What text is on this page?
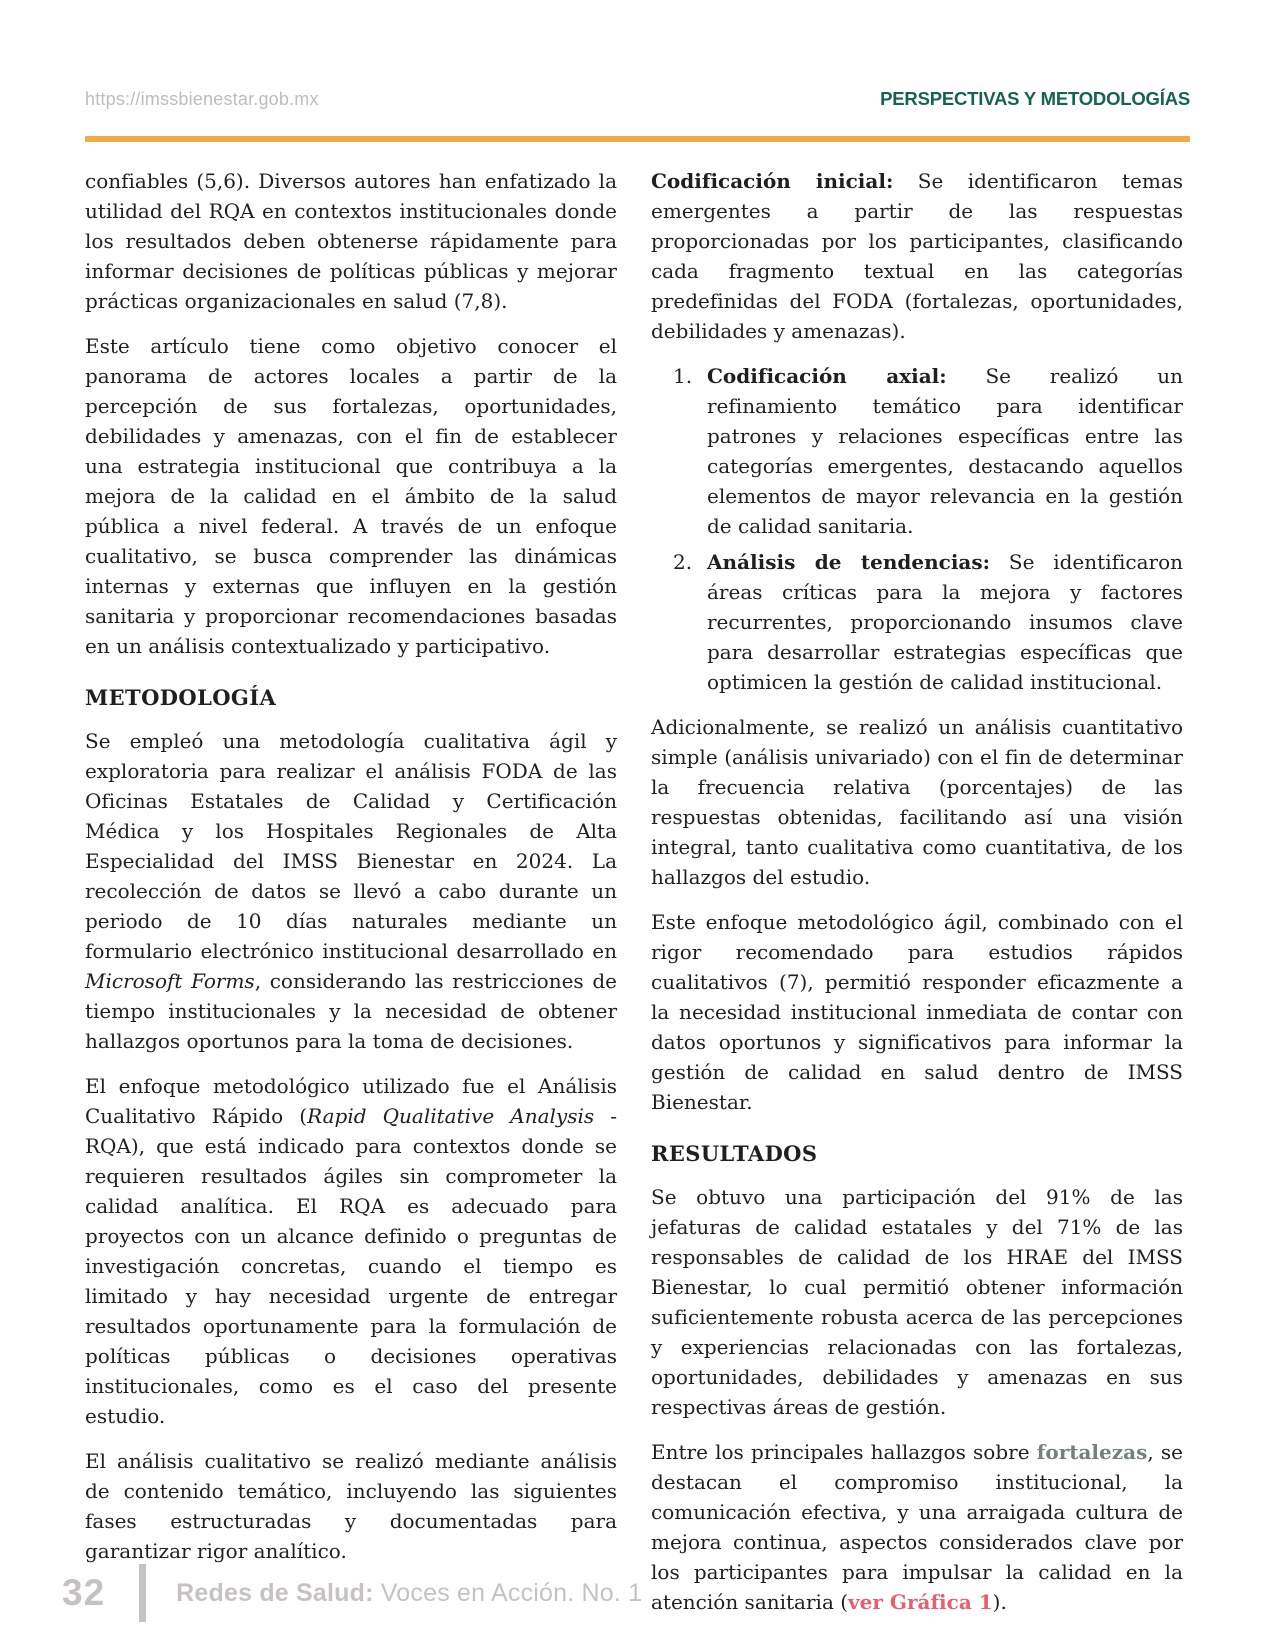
https://imssbienestar.gob.mx	PERSPECTIVAS Y METODOLOGÍAS

confiables (5,6). Diversos autores han enfatizado la utilidad del RQA en contextos institucionales donde los resultados deben obtenerse rápidamente para informar decisiones de políticas públicas y mejorar prácticas organizacionales en salud (7,8).

Este artículo tiene como objetivo conocer el panorama de actores locales a partir de la percepción de sus fortalezas, oportunidades, debilidades y amenazas, con el fin de establecer una estrategia institucional que contribuya a la mejora de la calidad en el ámbito de la salud pública a nivel federal. A través de un enfoque cualitativo, se busca comprender las dinámicas internas y externas que influyen en la gestión sanitaria y proporcionar recomendaciones basadas en un análisis contextualizado y participativo.

METODOLOGÍA

Se empleó una metodología cualitativa ágil y exploratoria para realizar el análisis FODA de las Oficinas Estatales de Calidad y Certificación Médica y los Hospitales Regionales de Alta Especialidad del IMSS Bienestar en 2024. La recolección de datos se llevó a cabo durante un periodo de 10 días naturales mediante un formulario electrónico institucional desarrollado en Microsoft Forms, considerando las restricciones de tiempo institucionales y la necesidad de obtener hallazgos oportunos para la toma de decisiones.

El enfoque metodológico utilizado fue el Análisis Cualitativo Rápido (Rapid Qualitative Analysis - RQA), que está indicado para contextos donde se requieren resultados ágiles sin comprometer la calidad analítica. El RQA es adecuado para proyectos con un alcance definido o preguntas de investigación concretas, cuando el tiempo es limitado y hay necesidad urgente de entregar resultados oportunamente para la formulación de políticas públicas o decisiones operativas institucionales, como es el caso del presente estudio.

El análisis cualitativo se realizó mediante análisis de contenido temático, incluyendo las siguientes fases estructuradas y documentadas para garantizar rigor analítico.

Codificación inicial: Se identificaron temas emergentes a partir de las respuestas proporcionadas por los participantes, clasificando cada fragmento textual en las categorías predefinidas del FODA (fortalezas, oportunidades, debilidades y amenazas).

1. Codificación axial: Se realizó un refinamiento temático para identificar patrones y relaciones específicas entre las categorías emergentes, destacando aquellos elementos de mayor relevancia en la gestión de calidad sanitaria.
2. Análisis de tendencias: Se identificaron áreas críticas para la mejora y factores recurrentes, proporcionando insumos clave para desarrollar estrategias específicas que optimicen la gestión de calidad institucional.

Adicionalmente, se realizó un análisis cuantitativo simple (análisis univariado) con el fin de determinar la frecuencia relativa (porcentajes) de las respuestas obtenidas, facilitando así una visión integral, tanto cualitativa como cuantitativa, de los hallazgos del estudio.

Este enfoque metodológico ágil, combinado con el rigor recomendado para estudios rápidos cualitativos (7), permitió responder eficazmente a la necesidad institucional inmediata de contar con datos oportunos y significativos para informar la gestión de calidad en salud dentro de IMSS Bienestar.

RESULTADOS

Se obtuvo una participación del 91% de las jefaturas de calidad estatales y del 71% de las responsables de calidad de los HRAE del IMSS Bienestar, lo cual permitió obtener información suficientemente robusta acerca de las percepciones y experiencias relacionadas con las fortalezas, oportunidades, debilidades y amenazas en sus respectivas áreas de gestión.

Entre los principales hallazgos sobre fortalezas, se destacan el compromiso institucional, la comunicación efectiva, y una arraigada cultura de mejora continua, aspectos considerados clave por los participantes para impulsar la calidad en la atención sanitaria (ver Gráfica 1).

32	Redes de Salud: Voces en Acción. No. 1
